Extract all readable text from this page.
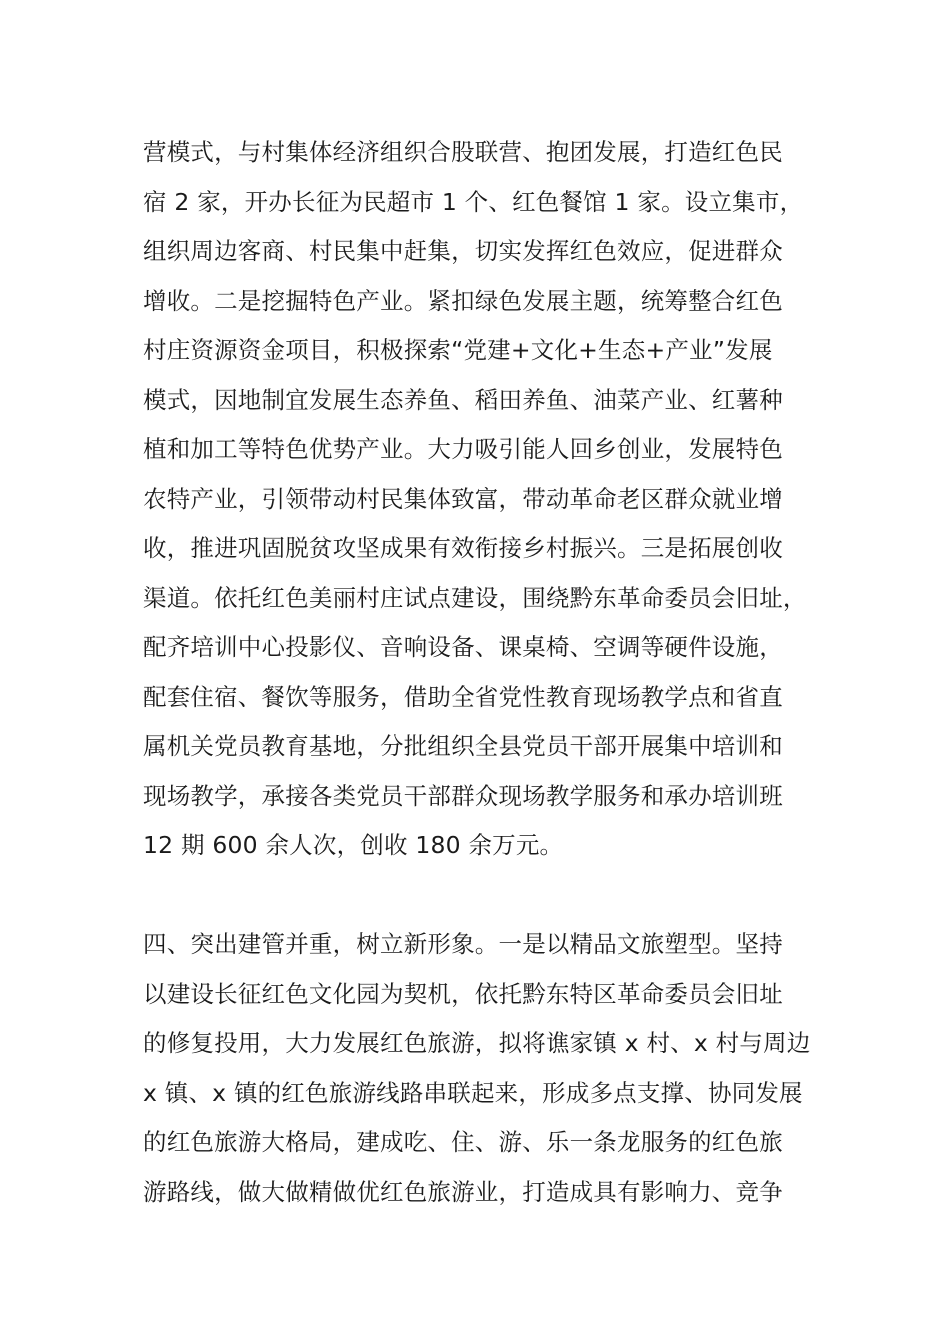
营模式，与村集体经济组织合股联营、抱团发展，打造红色民
宿 2 家，开办长征为民超市 1 个、红色餐馆 1 家。设立集市，
组织周边客商、村民集中赶集，切实发挥红色效应，促进群众
增收。二是挖掘特色产业。紧扣绿色发展主题，统筹整合红色
村庄资源资金项目，积极探索“党建+文化+生态+产业”发展
模式，因地制宜发展生态养鱼、稻田养鱼、油菜产业、红薯种
植和加工等特色优势产业。大力吸引能人回乡创业，发展特色
农特产业，引领带动村民集体致富，带动革命老区群众就业增
收，推进巩固脱贫攻坚成果有效衔接乡村振兴。三是拓展创收
渠道。依托红色美丽村庄试点建设，围绕黔东革命委员会旧址，
配齐培训中心投影仪、音响设备、课桌椅、空调等硬件设施，
配套住宿、餐饮等服务，借助全省党性教育现场教学点和省直
属机关党员教育基地，分批组织全县党员干部开展集中培训和
现场教学，承接各类党员干部群众现场教学服务和承办培训班
12 期 600 余人次，创收 180 余万元。
四、突出建管并重，树立新形象。一是以精品文旅塑型。坚持
以建设长征红色文化园为契机，依托黔东特区革命委员会旧址
的修复投用，大力发展红色旅游，拟将谯家镇 x 村、x 村与周边
x 镇、x 镇的红色旅游线路串联起来，形成多点支撑、协同发展
的红色旅游大格局，建成吃、住、游、乐一条龙服务的红色旅
游路线，做大做精做优红色旅游业，打造成具有影响力、竞争
